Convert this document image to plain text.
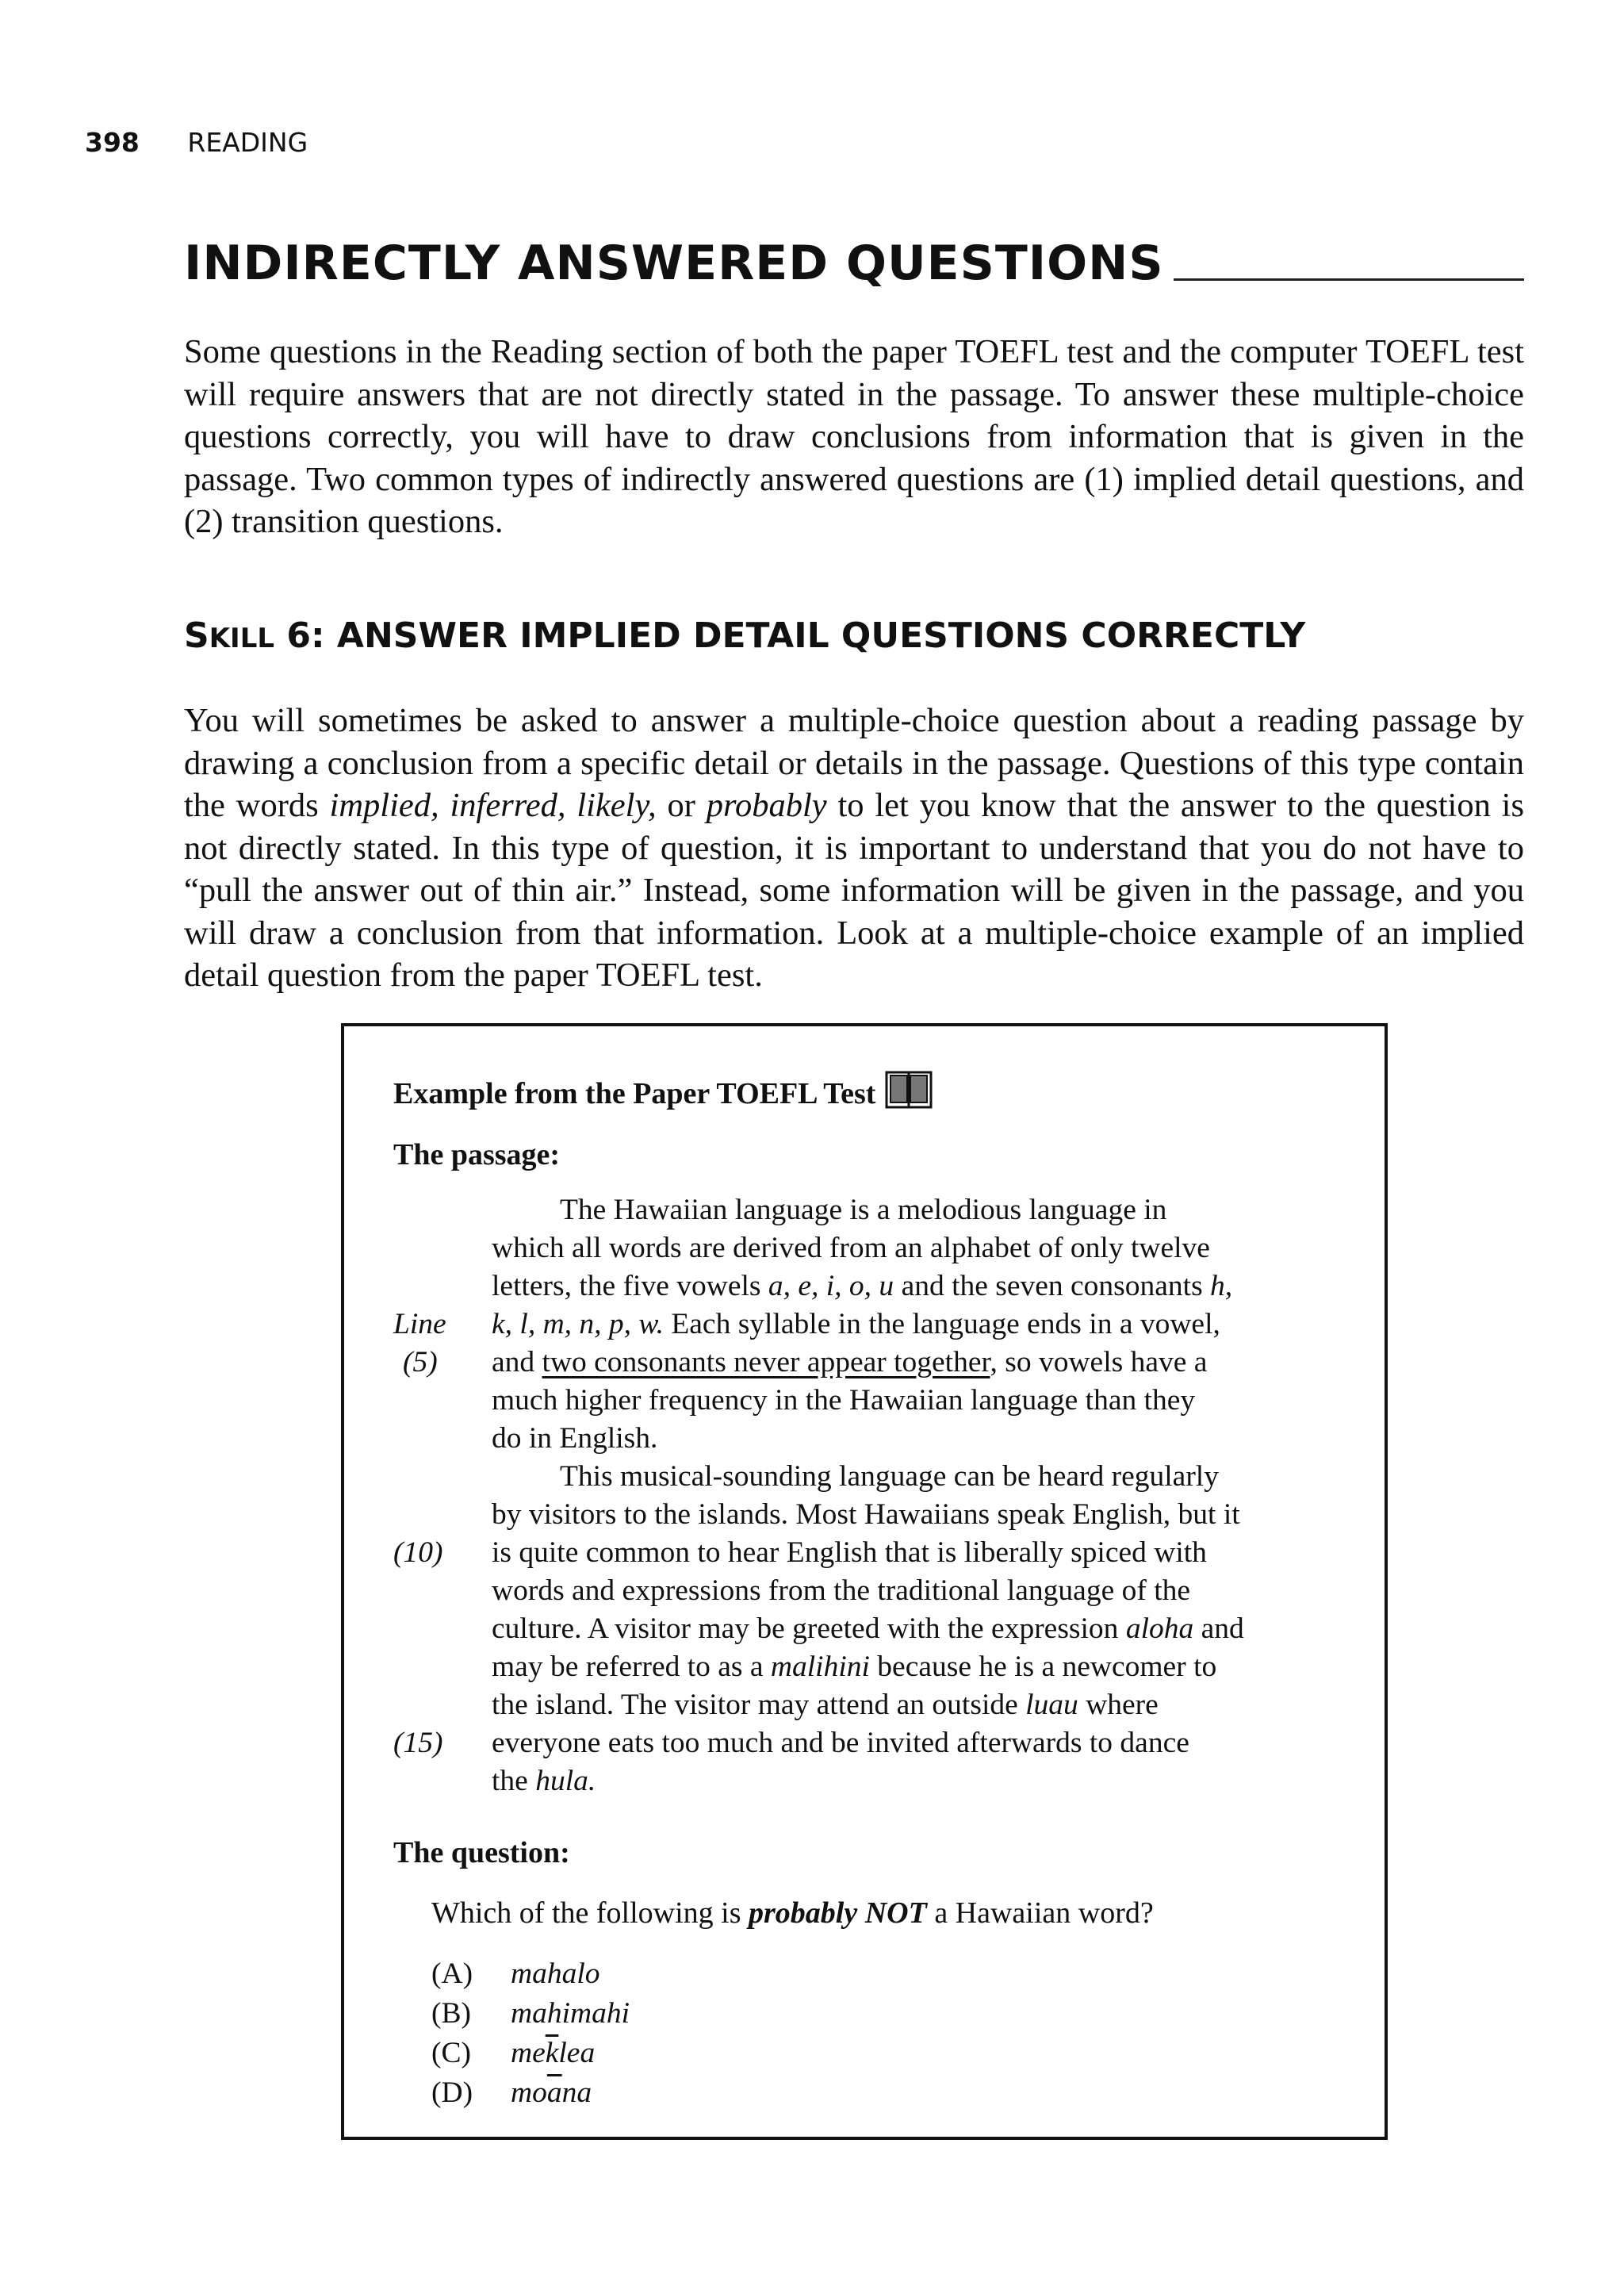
398 READING
INDIRECTLY ANSWERED QUESTIONS

Some questions in the Reading section of both the paper TOEFL test and the computer TOEFL test will require answers that are not directly stated in the passage. To answer these multiple-choice questions correctly, you will have to draw conclusions from information that is given in the passage. Two common types of indirectly answered questions are (1) implied detail questions, and (2) transition questions.

SKILL 6: ANSWER IMPLIED DETAIL QUESTIONS CORRECTLY

You will sometimes be asked to answer a multiple-choice question about a reading passage by drawing a conclusion from a specific detail or details in the passage. Questions of this type contain the words implied, inferred, likely, or probably to let you know that the answer to the question is not directly stated. In this type of question, it is important to understand that you do not have to “pull the answer out of thin air.” Instead, some information will be given in the passage, and you will draw a conclusion from that information. Look at a multiple-choice example of an implied detail question from the paper TOEFL test.

Example from the Paper TOEFL Test
The passage:
The Hawaiian language is a melodious language in
which all words are derived from an alphabet of only twelve
letters, the five vowels a, e, i, o, u and the seven consonants h,
Line	k, l, m, n, p, w. Each syllable in the language ends in a vowel,
(5)	and two consonants never appear together, so vowels have a
much higher frequency in the Hawaiian language than they
do in English.
This musical-sounding language can be heard regularly
by visitors to the islands. Most Hawaiians speak English, but it
(10)	is quite common to hear English that is liberally spiced with
words and expressions from the traditional language of the
culture. A visitor may be greeted with the expression aloha and
may be referred to as a malihini because he is a newcomer to
the island. The visitor may attend an outside luau where
(15)	everyone eats too much and be invited afterwards to dance
the hula.
The question:
Which of the following is probably NOT a Hawaiian word?
(A)	mahalo
(B)	mahimahi
(C)	$me\overline{k}lea$
(D)	$mo\overline{a}na$
